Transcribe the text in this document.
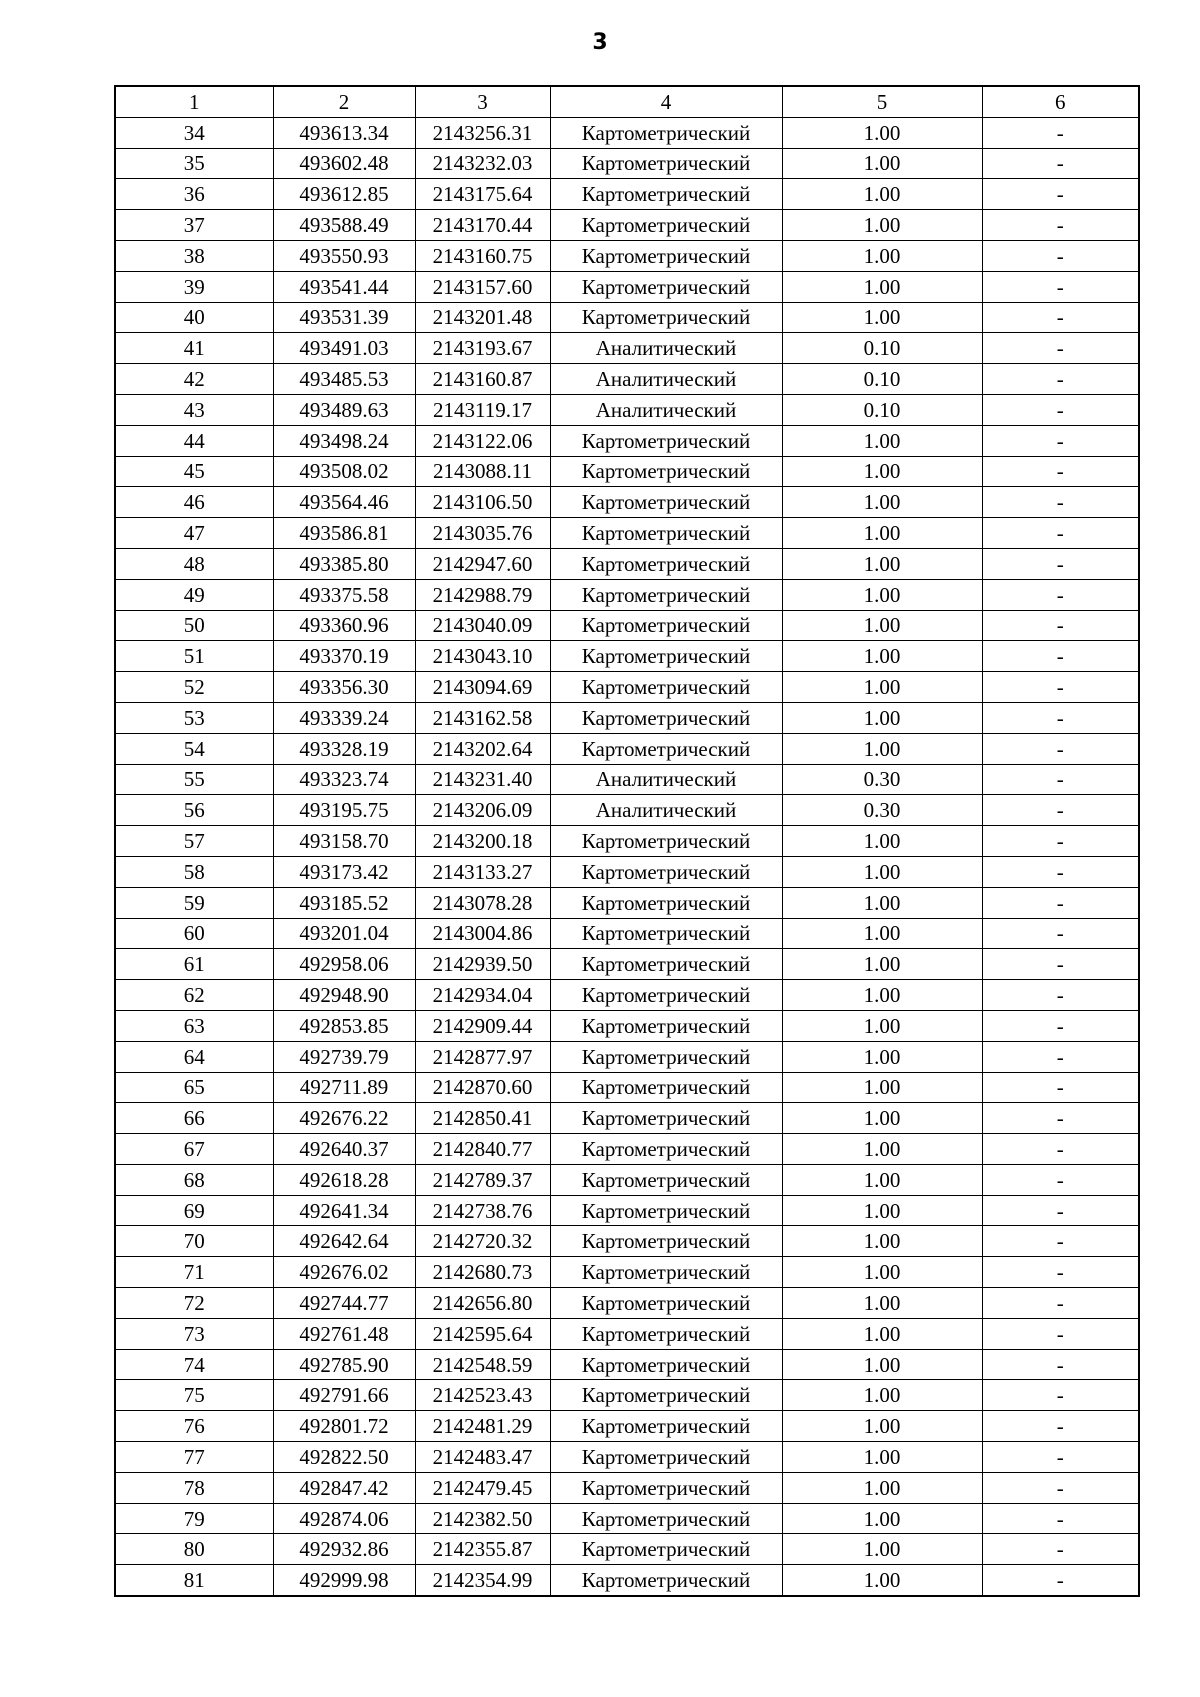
3
1	2	3	4	5	6
34	493613.34	2143256.31	Картометрический	1.00	-
35	493602.48	2143232.03	Картометрический	1.00	-
36	493612.85	2143175.64	Картометрический	1.00	-
37	493588.49	2143170.44	Картометрический	1.00	-
38	493550.93	2143160.75	Картометрический	1.00	-
39	493541.44	2143157.60	Картометрический	1.00	-
40	493531.39	2143201.48	Картометрический	1.00	-
41	493491.03	2143193.67	Аналитический	0.10	-
42	493485.53	2143160.87	Аналитический	0.10	-
43	493489.63	2143119.17	Аналитический	0.10	-
44	493498.24	2143122.06	Картометрический	1.00	-
45	493508.02	2143088.11	Картометрический	1.00	-
46	493564.46	2143106.50	Картометрический	1.00	-
47	493586.81	2143035.76	Картометрический	1.00	-
48	493385.80	2142947.60	Картометрический	1.00	-
49	493375.58	2142988.79	Картометрический	1.00	-
50	493360.96	2143040.09	Картометрический	1.00	-
51	493370.19	2143043.10	Картометрический	1.00	-
52	493356.30	2143094.69	Картометрический	1.00	-
53	493339.24	2143162.58	Картометрический	1.00	-
54	493328.19	2143202.64	Картометрический	1.00	-
55	493323.74	2143231.40	Аналитический	0.30	-
56	493195.75	2143206.09	Аналитический	0.30	-
57	493158.70	2143200.18	Картометрический	1.00	-
58	493173.42	2143133.27	Картометрический	1.00	-
59	493185.52	2143078.28	Картометрический	1.00	-
60	493201.04	2143004.86	Картометрический	1.00	-
61	492958.06	2142939.50	Картометрический	1.00	-
62	492948.90	2142934.04	Картометрический	1.00	-
63	492853.85	2142909.44	Картометрический	1.00	-
64	492739.79	2142877.97	Картометрический	1.00	-
65	492711.89	2142870.60	Картометрический	1.00	-
66	492676.22	2142850.41	Картометрический	1.00	-
67	492640.37	2142840.77	Картометрический	1.00	-
68	492618.28	2142789.37	Картометрический	1.00	-
69	492641.34	2142738.76	Картометрический	1.00	-
70	492642.64	2142720.32	Картометрический	1.00	-
71	492676.02	2142680.73	Картометрический	1.00	-
72	492744.77	2142656.80	Картометрический	1.00	-
73	492761.48	2142595.64	Картометрический	1.00	-
74	492785.90	2142548.59	Картометрический	1.00	-
75	492791.66	2142523.43	Картометрический	1.00	-
76	492801.72	2142481.29	Картометрический	1.00	-
77	492822.50	2142483.47	Картометрический	1.00	-
78	492847.42	2142479.45	Картометрический	1.00	-
79	492874.06	2142382.50	Картометрический	1.00	-
80	492932.86	2142355.87	Картометрический	1.00	-
81	492999.98	2142354.99	Картометрический	1.00	-
